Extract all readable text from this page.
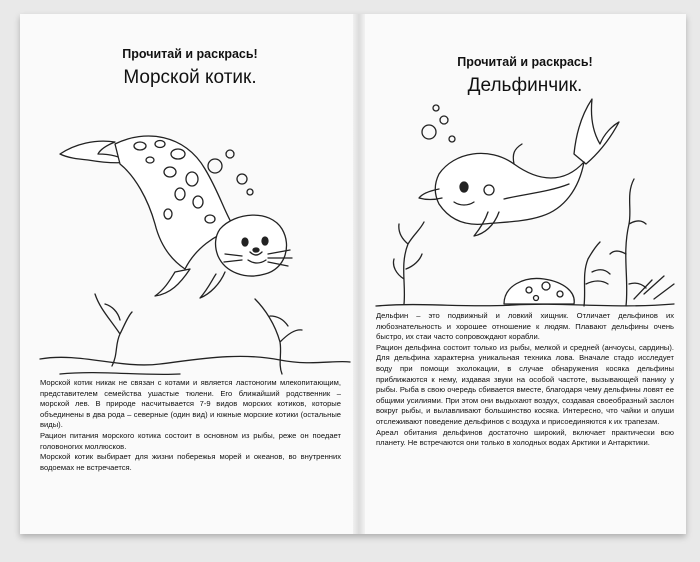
Прочитай и раскрась!
Морской котик.

Морской котик никак не связан с котами и является ластоногим млекопитающим, представителем семейства ушастые тюлени. Его ближайший родственник – морской лев. В природе насчитывается 7-9 видов морских котиков, которые объединены в два рода – северные (один вид) и южные морские котики (остальные виды).

Рацион питания морского котика состоит в основном из рыбы, реже он поедает головоногих моллюсков.

Морской котик выбирает для жизни побережья морей и океанов, во внутренних водоемах не встречается.

Прочитай и раскрась!
Дельфинчик.

Дельфин – это подвижный и ловкий хищник. Отличает дельфинов их любознательность и хорошее отношение к людям. Плавают дельфины очень быстро, их стаи часто сопровождают корабли.

Рацион дельфина состоит только из рыбы, мелкой и средней (анчоусы, сардины). Для дельфина характерна уникальная техника лова. Вначале стадо исследует воду при помощи эхолокации, в случае обнаружения косяка дельфины приближаются к нему, издавая звуки на особой частоте, вызывающей панику у рыбы. Рыба в свою очередь сбивается вместе, благодаря чему дельфины ловят ее общими усилиями. При этом они выдыхают воздух, создавая своеобразный заслон вокруг рыбы, и вылавливают большинство косяка. Интересно, что чайки и олуши отслеживают поведение дельфинов с воздуха и присоединяются к их трапезам.

Ареал обитания дельфинов достаточно широкий, включает практически всю планету. Не встречаются они только в холодных водах Арктики и Антарктики.
